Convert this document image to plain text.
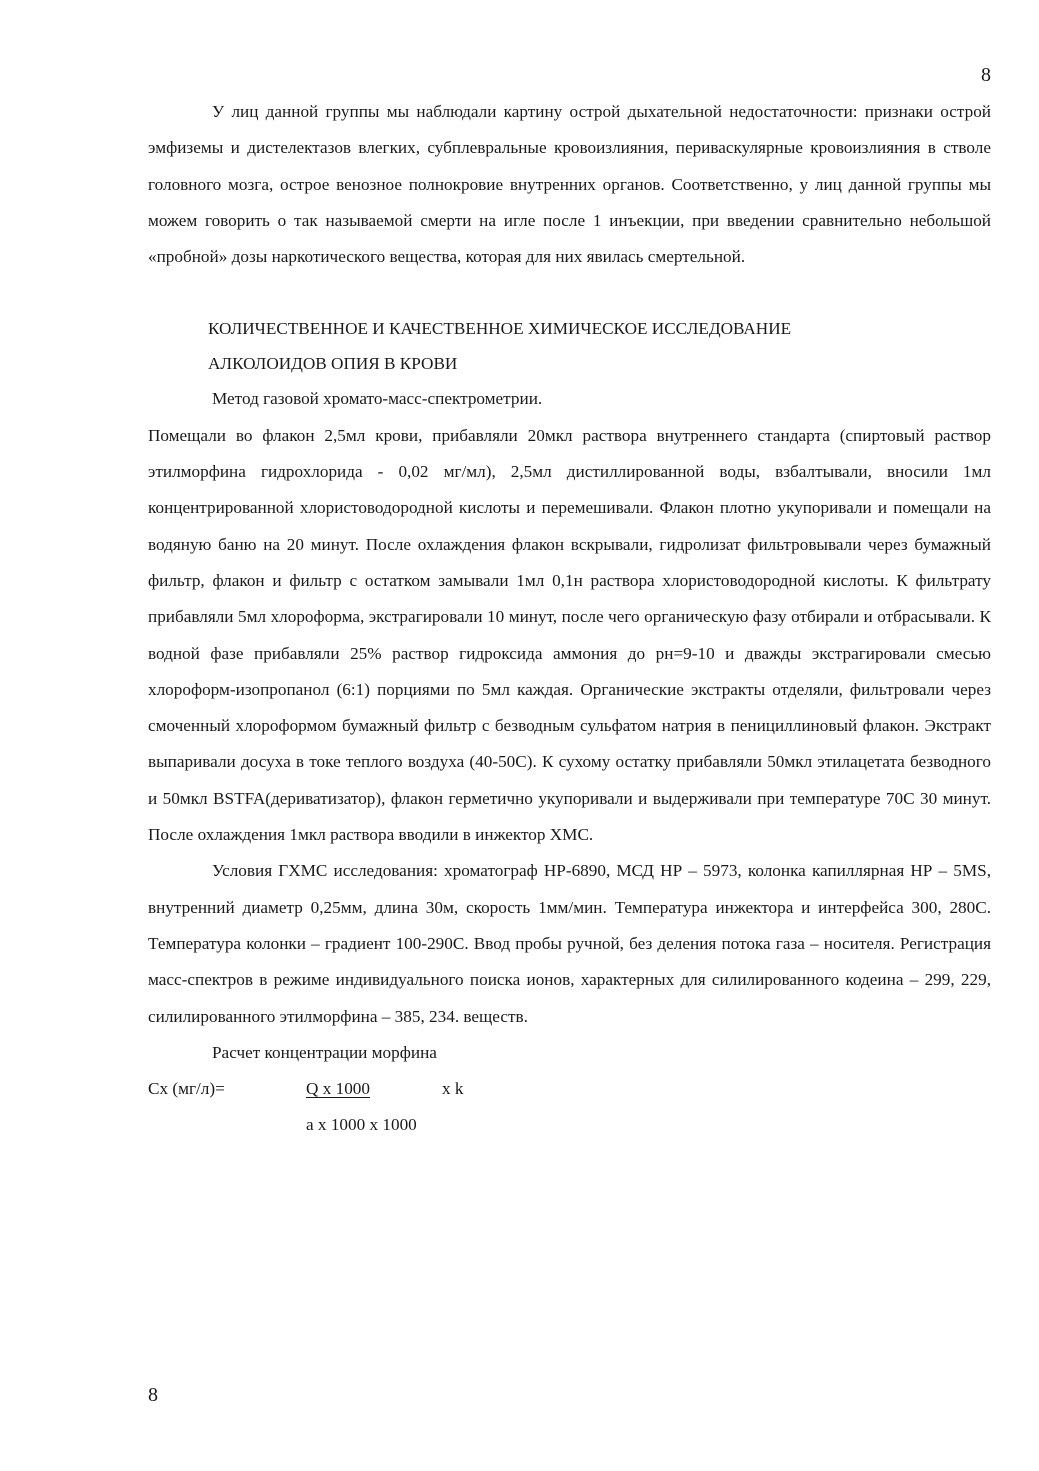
8

У лиц данной группы мы наблюдали картину острой дыхательной недостаточности: признаки острой эмфиземы и дистелектазов влегких, субплевральные кровоизлияния, периваскулярные кровоизлияния в стволе головного мозга, острое венозное полнокровие внутренних органов. Соответственно, у лиц данной группы мы можем говорить о так называемой смерти на игле после 1 инъекции, при введении сравнительно небольшой «пробной» дозы наркотического вещества, которая для них явилась смертельной.

КОЛИЧЕСТВЕННОЕ И КАЧЕСТВЕННОЕ ХИМИЧЕСКОЕ ИССЛЕДОВАНИЕ

АЛКОЛОИДОВ ОПИЯ В КРОВИ

Метод газовой хромато-масс-спектрометрии.

Помещали во флакон 2,5мл крови, прибавляли 20мкл раствора внутреннего стандарта (спиртовый раствор этилморфина гидрохлорида - 0,02 мг/мл), 2,5мл дистиллированной воды, взбалтывали, вносили 1мл концентрированной хлористоводородной кислоты и перемешивали. Флакон плотно укупоривали и помещали на водяную баню на 20 минут. После охлаждения флакон вскрывали, гидролизат фильтровывали через бумажный фильтр, флакон и фильтр с остатком замывали 1мл 0,1н раствора хлористоводородной кислоты. К фильтрату прибавляли 5мл хлороформа, экстрагировали 10 минут, после чего органическую фазу отбирали и отбрасывали. К водной фазе прибавляли 25% раствор гидроксида аммония до рн=9-10 и дважды экстрагировали смесью хлороформ-изопропанол (6:1) порциями по 5мл каждая. Органические экстракты отделяли, фильтровали через смоченный хлороформом бумажный фильтр с безводным сульфатом натрия в пенициллиновый флакон. Экстракт выпаривали досуха в токе теплого воздуха (40-50С). К сухому остатку прибавляли 50мкл этилацетата безводного и 50мкл BSTFA(дериватизатор), флакон герметично укупоривали и выдерживали при температуре 70С 30 минут. После охлаждения 1мкл раствора вводили в инжектор ХМС.

Условия ГХМС исследования: хроматограф НР-6890, МСД НР – 5973, колонка капиллярная НР – 5MS, внутренний диаметр 0,25мм, длина 30м, скорость 1мм/мин. Температура инжектора и интерфейса 300, 280С. Температура колонки – градиент 100-290С. Ввод пробы ручной, без деления потока газа – носителя. Регистрация масс-спектров в режиме индивидуального поиска ионов, характерных для силилированного кодеина – 299, 229, силилированного этилморфина – 385, 234. веществ.

Расчет концентрации морфина

Сх (мг/л)=	Q x 1000	x k
a x 1000 x 1000
8
